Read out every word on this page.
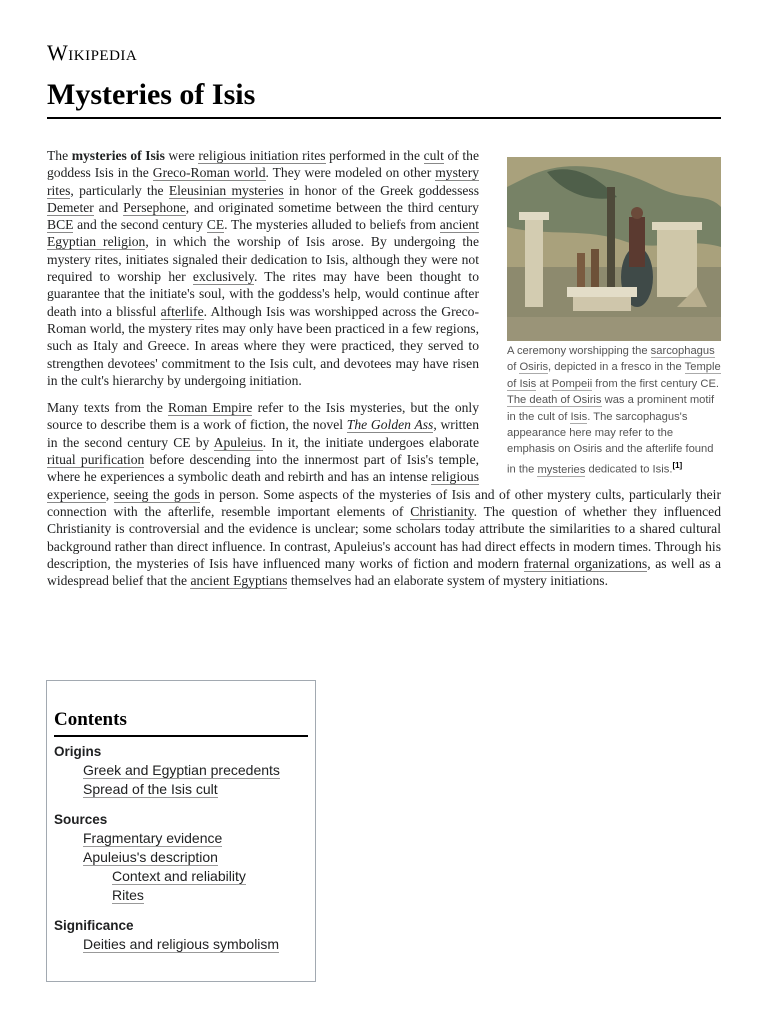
Wikipedia
Mysteries of Isis
A ceremony worshipping the sarcophagus of Osiris, depicted in a fresco in the Temple of Isis at Pompeii from the first century CE. The death of Osiris was a prominent motif in the cult of Isis. The sarcophagus's appearance here may refer to the emphasis on Osiris and the afterlife found in the mysteries dedicated to Isis.[1]

The mysteries of Isis were religious initiation rites performed in the cult of the goddess Isis in the Greco-Roman world. They were modeled on other mystery rites, particularly the Eleusinian mysteries in honor of the Greek goddessess Demeter and Persephone, and originated sometime between the third century BCE and the second century CE. The mysteries alluded to beliefs from ancient Egyptian religion, in which the worship of Isis arose. By undergoing the mystery rites, initiates signaled their dedication to Isis, although they were not required to worship her exclusively. The rites may have been thought to guarantee that the initiate's soul, with the goddess's help, would continue after death into a blissful afterlife. Although Isis was worshipped across the Greco-Roman world, the mystery rites may only have been practiced in a few regions, such as Italy and Greece. In areas where they were practiced, they served to strengthen devotees' commitment to the Isis cult, and devotees may have risen in the cult's hierarchy by undergoing initiation.

Many texts from the Roman Empire refer to the Isis mysteries, but the only source to describe them is a work of fiction, the novel The Golden Ass, written in the second century CE by Apuleius. In it, the initiate undergoes elaborate ritual purification before descending into the innermost part of Isis's temple, where he experiences a symbolic death and rebirth and has an intense religious experience, seeing the gods in person. Some aspects of the mysteries of Isis and of other mystery cults, particularly their connection with the afterlife, resemble important elements of Christianity. The question of whether they influenced Christianity is controversial and the evidence is unclear; some scholars today attribute the similarities to a shared cultural background rather than direct influence. In contrast, Apuleius's account has had direct effects in modern times. Through his description, the mysteries of Isis have influenced many works of fiction and modern fraternal organizations, as well as a widespread belief that the ancient Egyptians themselves had an elaborate system of mystery initiations.

Contents
Origins
Greek and Egyptian precedents
Spread of the Isis cult
Sources
Fragmentary evidence
Apuleius's description
Context and reliability
Rites
Significance
Deities and religious symbolism
